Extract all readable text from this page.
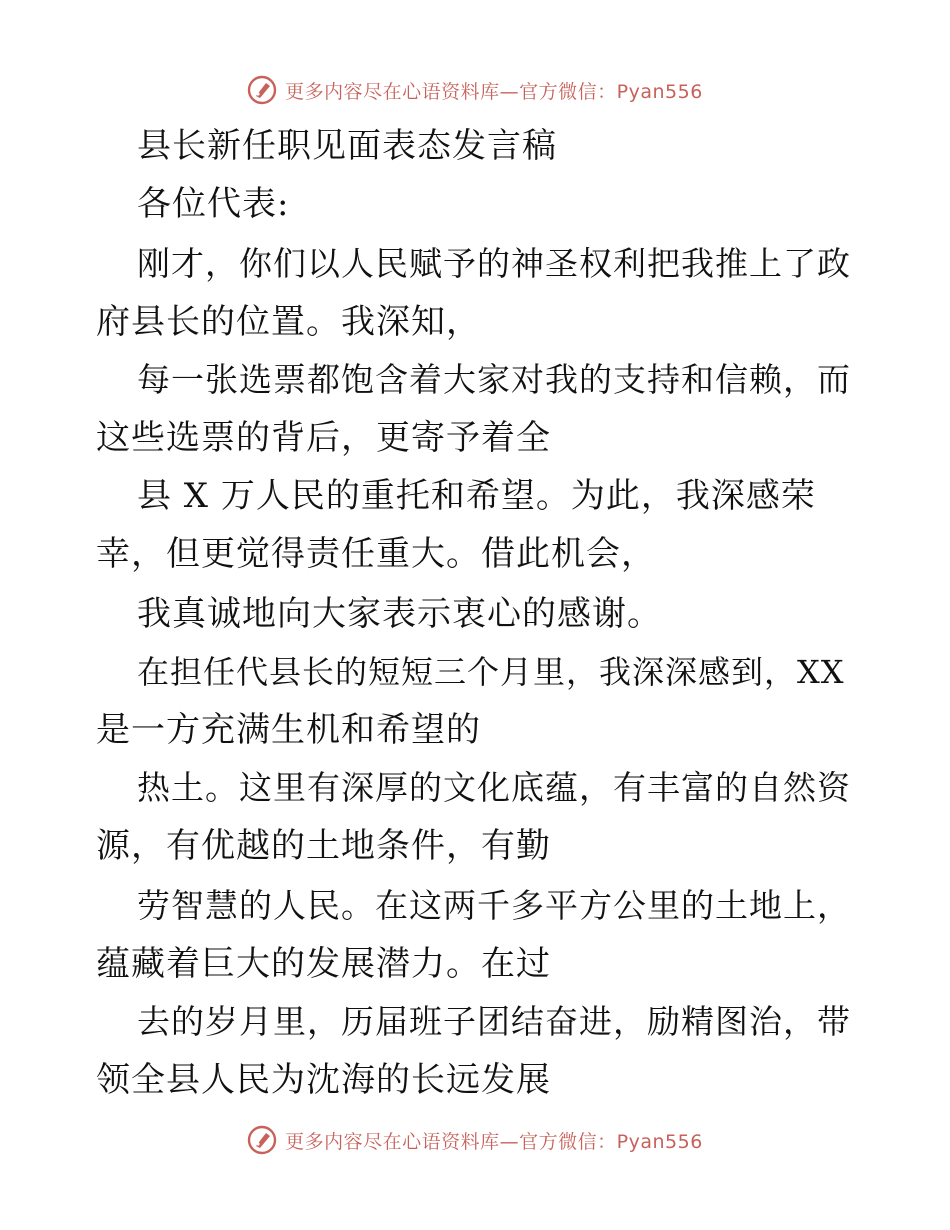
更多内容尽在心语资料库—官方微信：Pyan556
县长新任职见面表态发言稿
各位代表:
刚才，你们以人民赋予的神圣权利把我推上了政
府县长的位置。我深知，
每一张选票都饱含着大家对我的支持和信赖，而
这些选票的背后，更寄予着全
县 X 万人民的重托和希望。为此，我深感荣
幸，但更觉得责任重大。借此机会，
我真诚地向大家表示衷心的感谢。
在担任代县长的短短三个月里，我深深感到，XX
是一方充满生机和希望的
热土。这里有深厚的文化底蕴，有丰富的自然资
源，有优越的土地条件，有勤
劳智慧的人民。在这两千多平方公里的土地上，
蕴藏着巨大的发展潜力。在过
去的岁月里，历届班子团结奋进，励精图治，带
领全县人民为沈海的长远发展
更多内容尽在心语资料库—官方微信：Pyan556
